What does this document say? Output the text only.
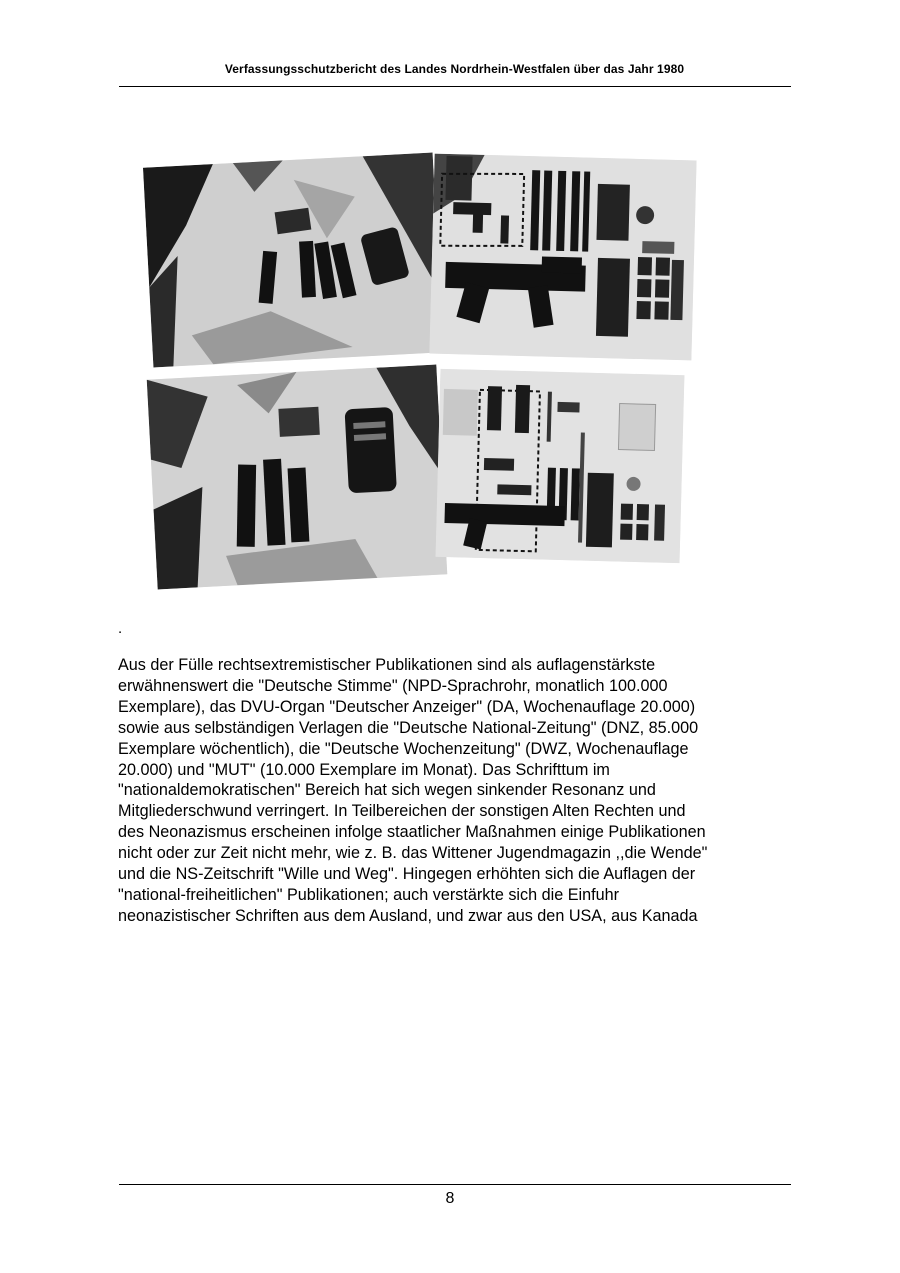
Verfassungsschutzbericht des Landes Nordrhein-Westfalen über das Jahr 1980
.
Aus der Fülle rechtsextremistischer Publikationen sind als auflagenstärkste
erwähnenswert die "Deutsche Stimme" (NPD-Sprachrohr, monatlich 100.000
Exemplare), das DVU-Organ "Deutscher Anzeiger" (DA, Wochenauflage 20.000)
sowie aus selbständigen Verlagen die "Deutsche National-Zeitung" (DNZ, 85.000
Exemplare wöchentlich), die "Deutsche Wochenzeitung" (DWZ, Wochenauflage
20.000) und "MUT" (10.000 Exemplare im Monat). Das Schrifttum im
"nationaldemokratischen" Bereich hat sich wegen sinkender Resonanz und
Mitgliederschwund verringert. In Teilbereichen der sonstigen Alten Rechten und
des Neonazismus erscheinen infolge staatlicher Maßnahmen einige Publikationen
nicht oder zur Zeit nicht mehr, wie z. B. das Wittener Jugendmagazin ,,die Wende"
und die NS-Zeitschrift "Wille und Weg". Hingegen erhöhten sich die Auflagen der
"national-freiheitlichen" Publikationen; auch verstärkte sich die Einfuhr
neonazistischer Schriften aus dem Ausland, und zwar aus den USA, aus Kanada
8
